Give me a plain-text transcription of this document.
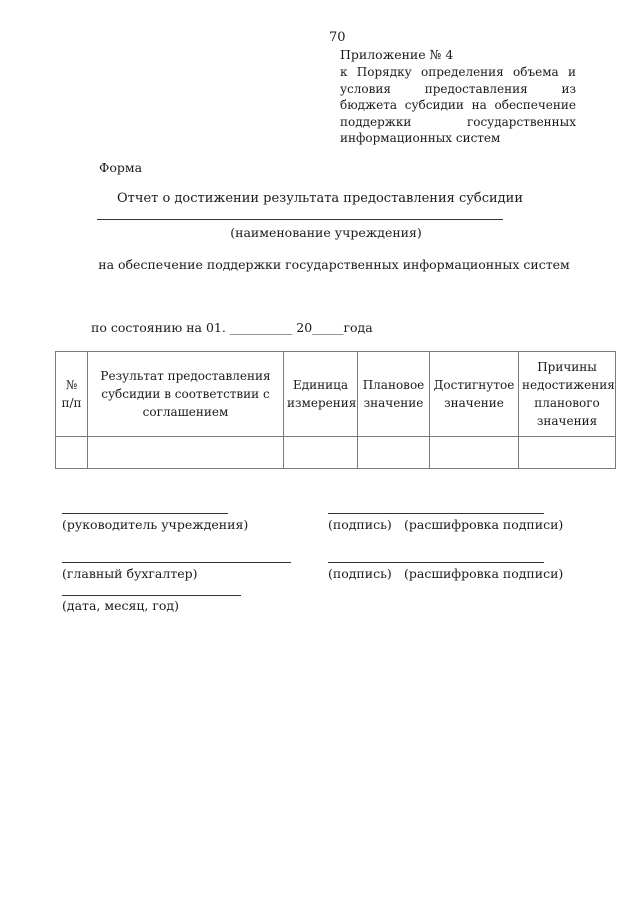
70
Приложение № 4
к Порядку определения объема и условия предоставления из бюджета субсидии на обеспечение поддержки государственных информационных систем
Форма
Отчет о достижении результата предоставления субсидии
(наименование учреждения)
на обеспечение поддержки государственных информационных систем
по состоянию на 01. __________ 20_____года
№ п/п	Результат предоставления субсидии в соответствии с соглашением	Единица измерения	Плановое значение	Достигнутое значение	Причины недостижения планового значения

(руководитель учреждения)	(подпись) (расшифровка подписи)
(главный бухгалтер)	(подпись) (расшифровка подписи)
(дата, месяц, год)
